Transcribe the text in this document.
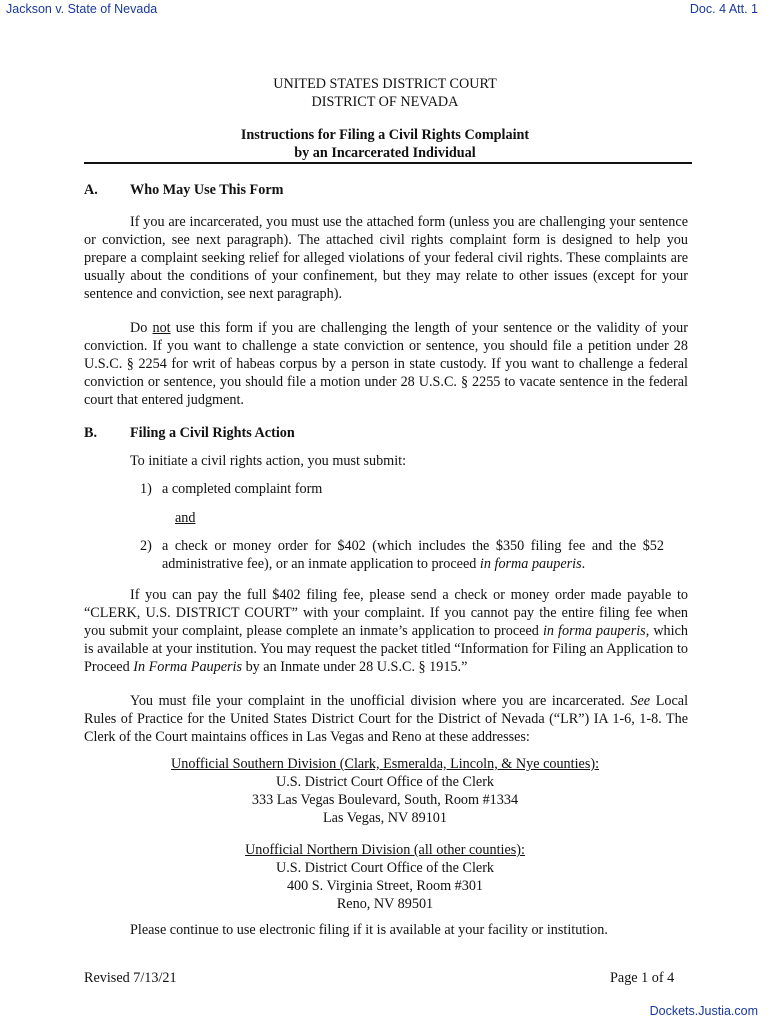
Jackson v. State of Nevada	Doc. 4 Att. 1
UNITED STATES DISTRICT COURT
DISTRICT OF NEVADA
Instructions for Filing a Civil Rights Complaint
by an Incarcerated Individual
A. Who May Use This Form

If you are incarcerated, you must use the attached form (unless you are challenging your sentence or conviction, see next paragraph). The attached civil rights complaint form is designed to help you prepare a complaint seeking relief for alleged violations of your federal civil rights. These complaints are usually about the conditions of your confinement, but they may relate to other issues (except for your sentence and conviction, see next paragraph).

Do not use this form if you are challenging the length of your sentence or the validity of your conviction. If you want to challenge a state conviction or sentence, you should file a petition under 28 U.S.C. § 2254 for writ of habeas corpus by a person in state custody. If you want to challenge a federal conviction or sentence, you should file a motion under 28 U.S.C. § 2255 to vacate sentence in the federal court that entered judgment.

B. Filing a Civil Rights Action
To initiate a civil rights action, you must submit:
1) a completed complaint form
and
2) a check or money order for $402 (which includes the $350 filing fee and the $52 administrative fee), or an inmate application to proceed in forma pauperis.

If you can pay the full $402 filing fee, please send a check or money order made payable to “CLERK, U.S. DISTRICT COURT” with your complaint. If you cannot pay the entire filing fee when you submit your complaint, please complete an inmate’s application to proceed in forma pauperis, which is available at your institution. You may request the packet titled “Information for Filing an Application to Proceed In Forma Pauperis by an Inmate under 28 U.S.C. § 1915.”

You must file your complaint in the unofficial division where you are incarcerated. See Local Rules of Practice for the United States District Court for the District of Nevada (“LR”) IA 1-6, 1-8. The Clerk of the Court maintains offices in Las Vegas and Reno at these addresses:

Unofficial Southern Division (Clark, Esmeralda, Lincoln, & Nye counties):
U.S. District Court Office of the Clerk
333 Las Vegas Boulevard, South, Room #1334
Las Vegas, NV 89101
Unofficial Northern Division (all other counties):
U.S. District Court Office of the Clerk
400 S. Virginia Street, Room #301
Reno, NV 89501
Please continue to use electronic filing if it is available at your facility or institution.
Revised 7/13/21	Page 1 of 4
Dockets.Justia.com
